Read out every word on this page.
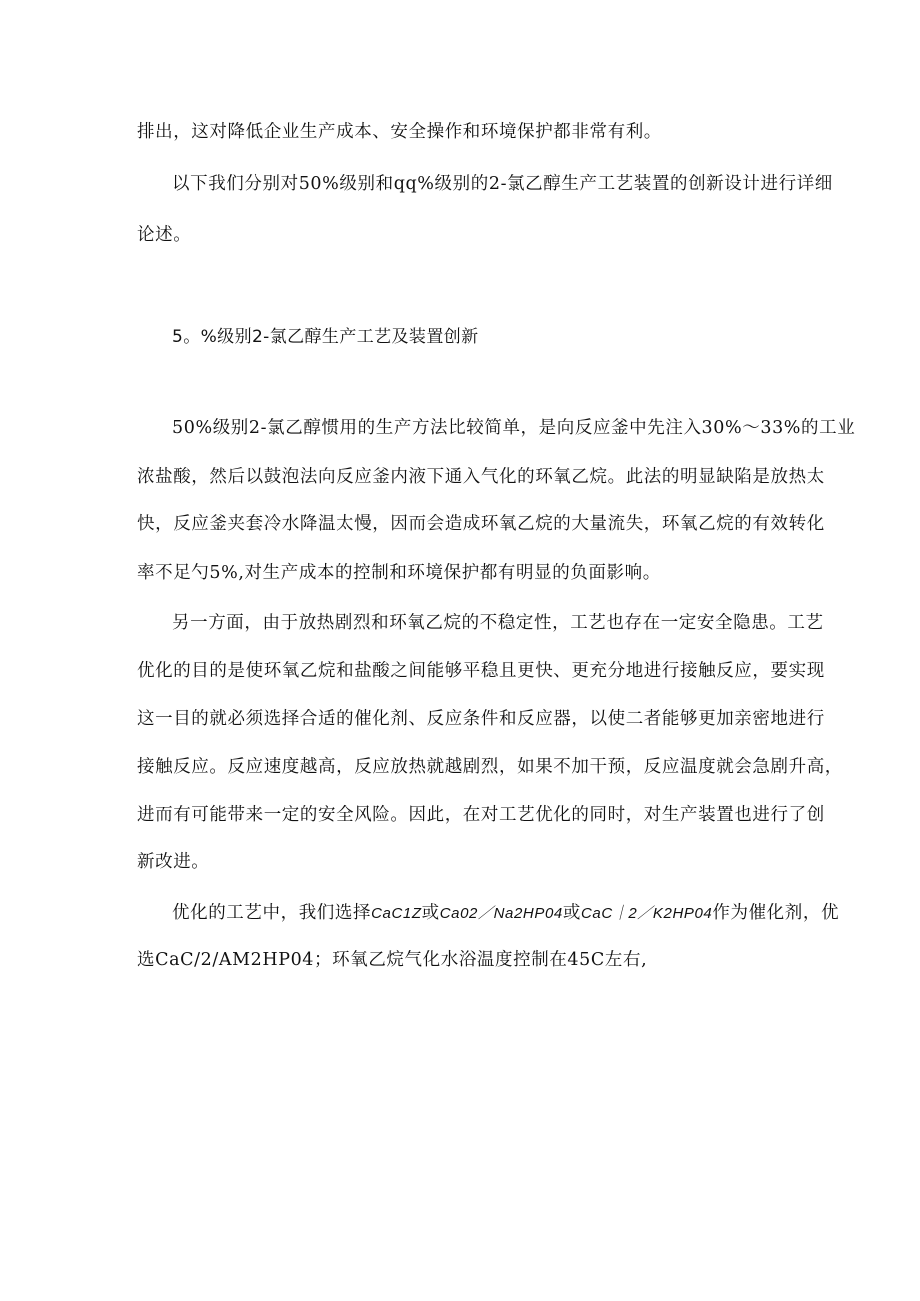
排出，这对降低企业生产成本、安全操作和环境保护都非常有利。
以下我们分别对50%级别和qq%级别的2-氯乙醇生产工艺装置的创新设计进行详细
论述。
5。%级别2-氯乙醇生产工艺及装置创新
50%级别2-氯乙醇惯用的生产方法比较简单，是向反应釜中先注入30%～33%的工业
浓盐酸，然后以鼓泡法向反应釜内液下通入气化的环氧乙烷。此法的明显缺陷是放热太
快，反应釜夹套冷水降温太慢，因而会造成环氧乙烷的大量流失，环氧乙烷的有效转化
率不足勺5%,对生产成本的控制和环境保护都有明显的负面影响。
另一方面，由于放热剧烈和环氧乙烷的不稳定性，工艺也存在一定安全隐患。工艺
优化的目的是使环氧乙烷和盐酸之间能够平稳且更快、更充分地进行接触反应，要实现
这一目的就必须选择合适的催化剂、反应条件和反应器，以使二者能够更加亲密地进行
接触反应。反应速度越高，反应放热就越剧烈，如果不加干预，反应温度就会急剧升高，
进而有可能带来一定的安全风险。因此，在对工艺优化的同时，对生产装置也进行了创
新改进。
优化的工艺中，我们选择CaC1Z或Ca02／Na2HP04或CaC｜2／K2HP04作为催化剂，优
选CaC/2/AM2HP04；环氧乙烷气化水浴温度控制在45C左右,
